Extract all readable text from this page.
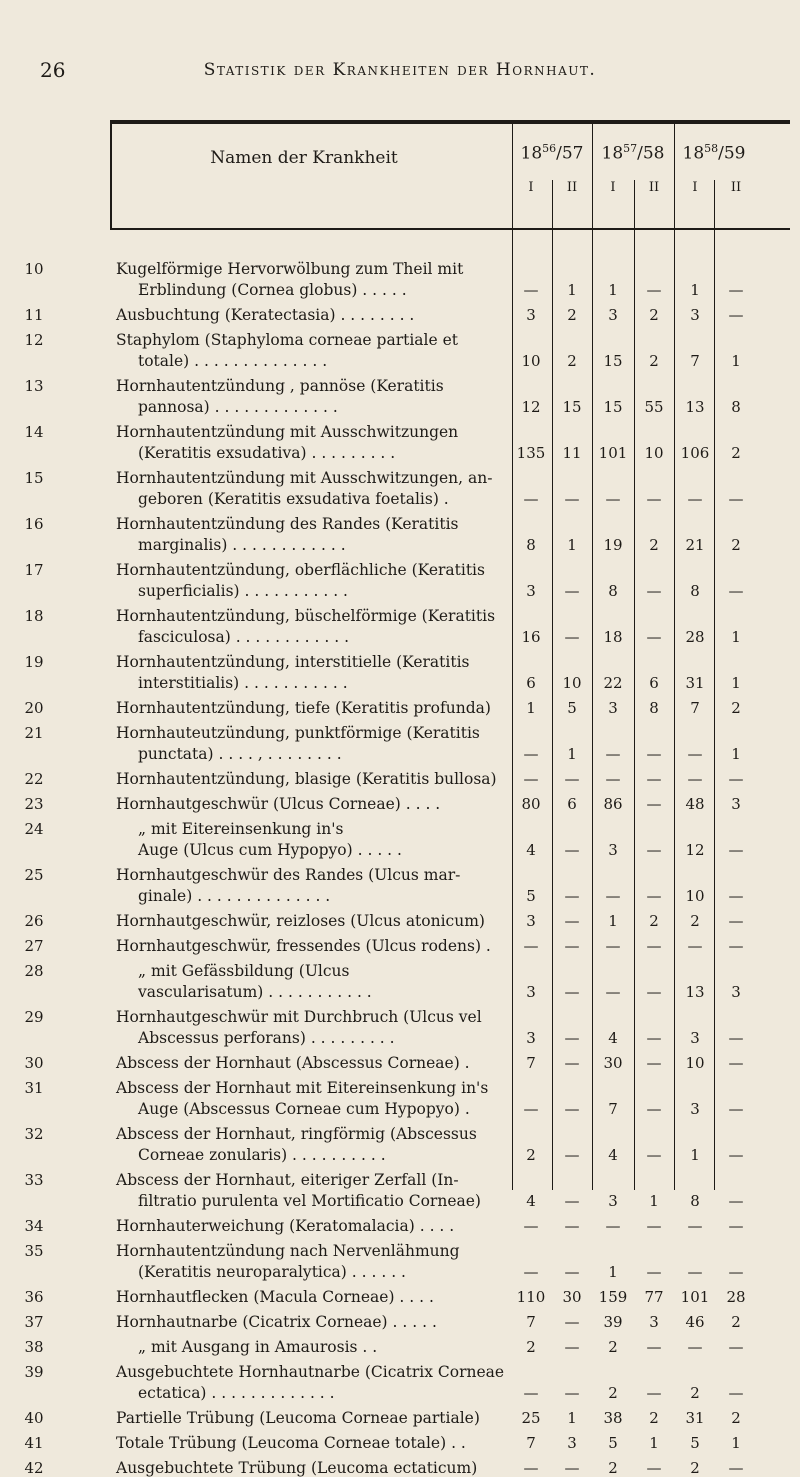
26	Statistik der Krankheiten der Hornhaut.
Namen der Krankheit	$18^{56}/57$
I	II
$18^{57}/58$
I	II
$18^{58}/59$
I	II
10	Kugelförmige Hervorwölbung zum Theil mit
Erblindung (Cornea globus) . . . . .	—	1	1	—	1	—
11	Ausbuchtung (Keratectasia) . . . . . . . .	3	2	3	2	3	—
12	Staphylom (Staphyloma corneae partiale et
totale) . . . . . . . . . . . . . .	10	2	15	2	7	1
13	Hornhautentzündung , pannöse (Keratitis
pannosa) . . . . . . . . . . . . .	12	15	15	55	13	8
14	Hornhautentzündung mit Ausschwitzungen
(Keratitis exsudativa) . . . . . . . . .	135	11	101	10	106	2
15	Hornhautentzündung mit Ausschwitzungen, an-
geboren (Keratitis exsudativa foetalis) .	—	—	—	—	—	—
16	Hornhautentzündung des Randes (Keratitis
marginalis) . . . . . . . . . . . .	8	1	19	2	21	2
17	Hornhautentzündung, oberflächliche (Keratitis
superficialis) . . . . . . . . . . .	3	—	8	—	8	—
18	Hornhautentzündung, büschelförmige (Keratitis
fasciculosa) . . . . . . . . . . . .	16	—	18	—	28	1
19	Hornhautentzündung, interstitielle (Keratitis
interstitialis) . . . . . . . . . . .	6	10	22	6	31	1
20	Hornhautentzündung, tiefe (Keratitis profunda)	1	5	3	8	7	2
21	Hornhauteutzündung, punktförmige (Keratitis
punctata) . . . . , . . . . . . . .	—	1	—	—	—	1
22	Hornhautentzündung, blasige (Keratitis bullosa)	—	—	—	—	—	—
23	Hornhautgeschwür (Ulcus Corneae) . . . .	80	6	86	—	48	3
24	„ mit Eitereinsenkung in's
Auge (Ulcus cum Hypopyo) . . . . .	4	—	3	—	12	—
25	Hornhautgeschwür des Randes (Ulcus mar-
ginale) . . . . . . . . . . . . . .	5	—	—	—	10	—
26	Hornhautgeschwür, reizloses (Ulcus atonicum)	3	—	1	2	2	—
27	Hornhautgeschwür, fressendes (Ulcus rodens) .	—	—	—	—	—	—
28	„ mit Gefässbildung (Ulcus
vascularisatum) . . . . . . . . . . .	3	—	—	—	13	3
29	Hornhautgeschwür mit Durchbruch (Ulcus vel
Abscessus perforans) . . . . . . . . .	3	—	4	—	3	—
30	Abscess der Hornhaut (Abscessus Corneae) .	7	—	30	—	10	—
31	Abscess der Hornhaut mit Eitereinsenkung in's
Auge (Abscessus Corneae cum Hypopyo) .	—	—	7	—	3	—
32	Abscess der Hornhaut, ringförmig (Abscessus
Corneae zonularis) . . . . . . . . . .	2	—	4	—	1	—
33	Abscess der Hornhaut, eiteriger Zerfall (In-
filtratio purulenta vel Mortificatio Corneae)	4	—	3	1	8	—
34	Hornhauterweichung (Keratomalacia) . . . .	—	—	—	—	—	—
35	Hornhautentzündung nach Nervenlähmung
(Keratitis neuroparalytica) . . . . . .	—	—	1	—	—	—
36	Hornhautflecken (Macula Corneae) . . . .	110	30	159	77	101	28
37	Hornhautnarbe (Cicatrix Corneae) . . . . .	7	—	39	3	46	2
38	„ mit Ausgang in Amaurosis . .	2	—	2	—	—	—
39	Ausgebuchtete Hornhautnarbe (Cicatrix Corneae
ectatica) . . . . . . . . . . . . .	—	—	2	—	2	—
40	Partielle Trübung (Leucoma Corneae partiale)	25	1	38	2	31	2
41	Totale Trübung (Leucoma Corneae totale) . .	7	3	5	1	5	1
42	Ausgebuchtete Trübung (Leucoma ectaticum)	—	—	2	—	2	—
